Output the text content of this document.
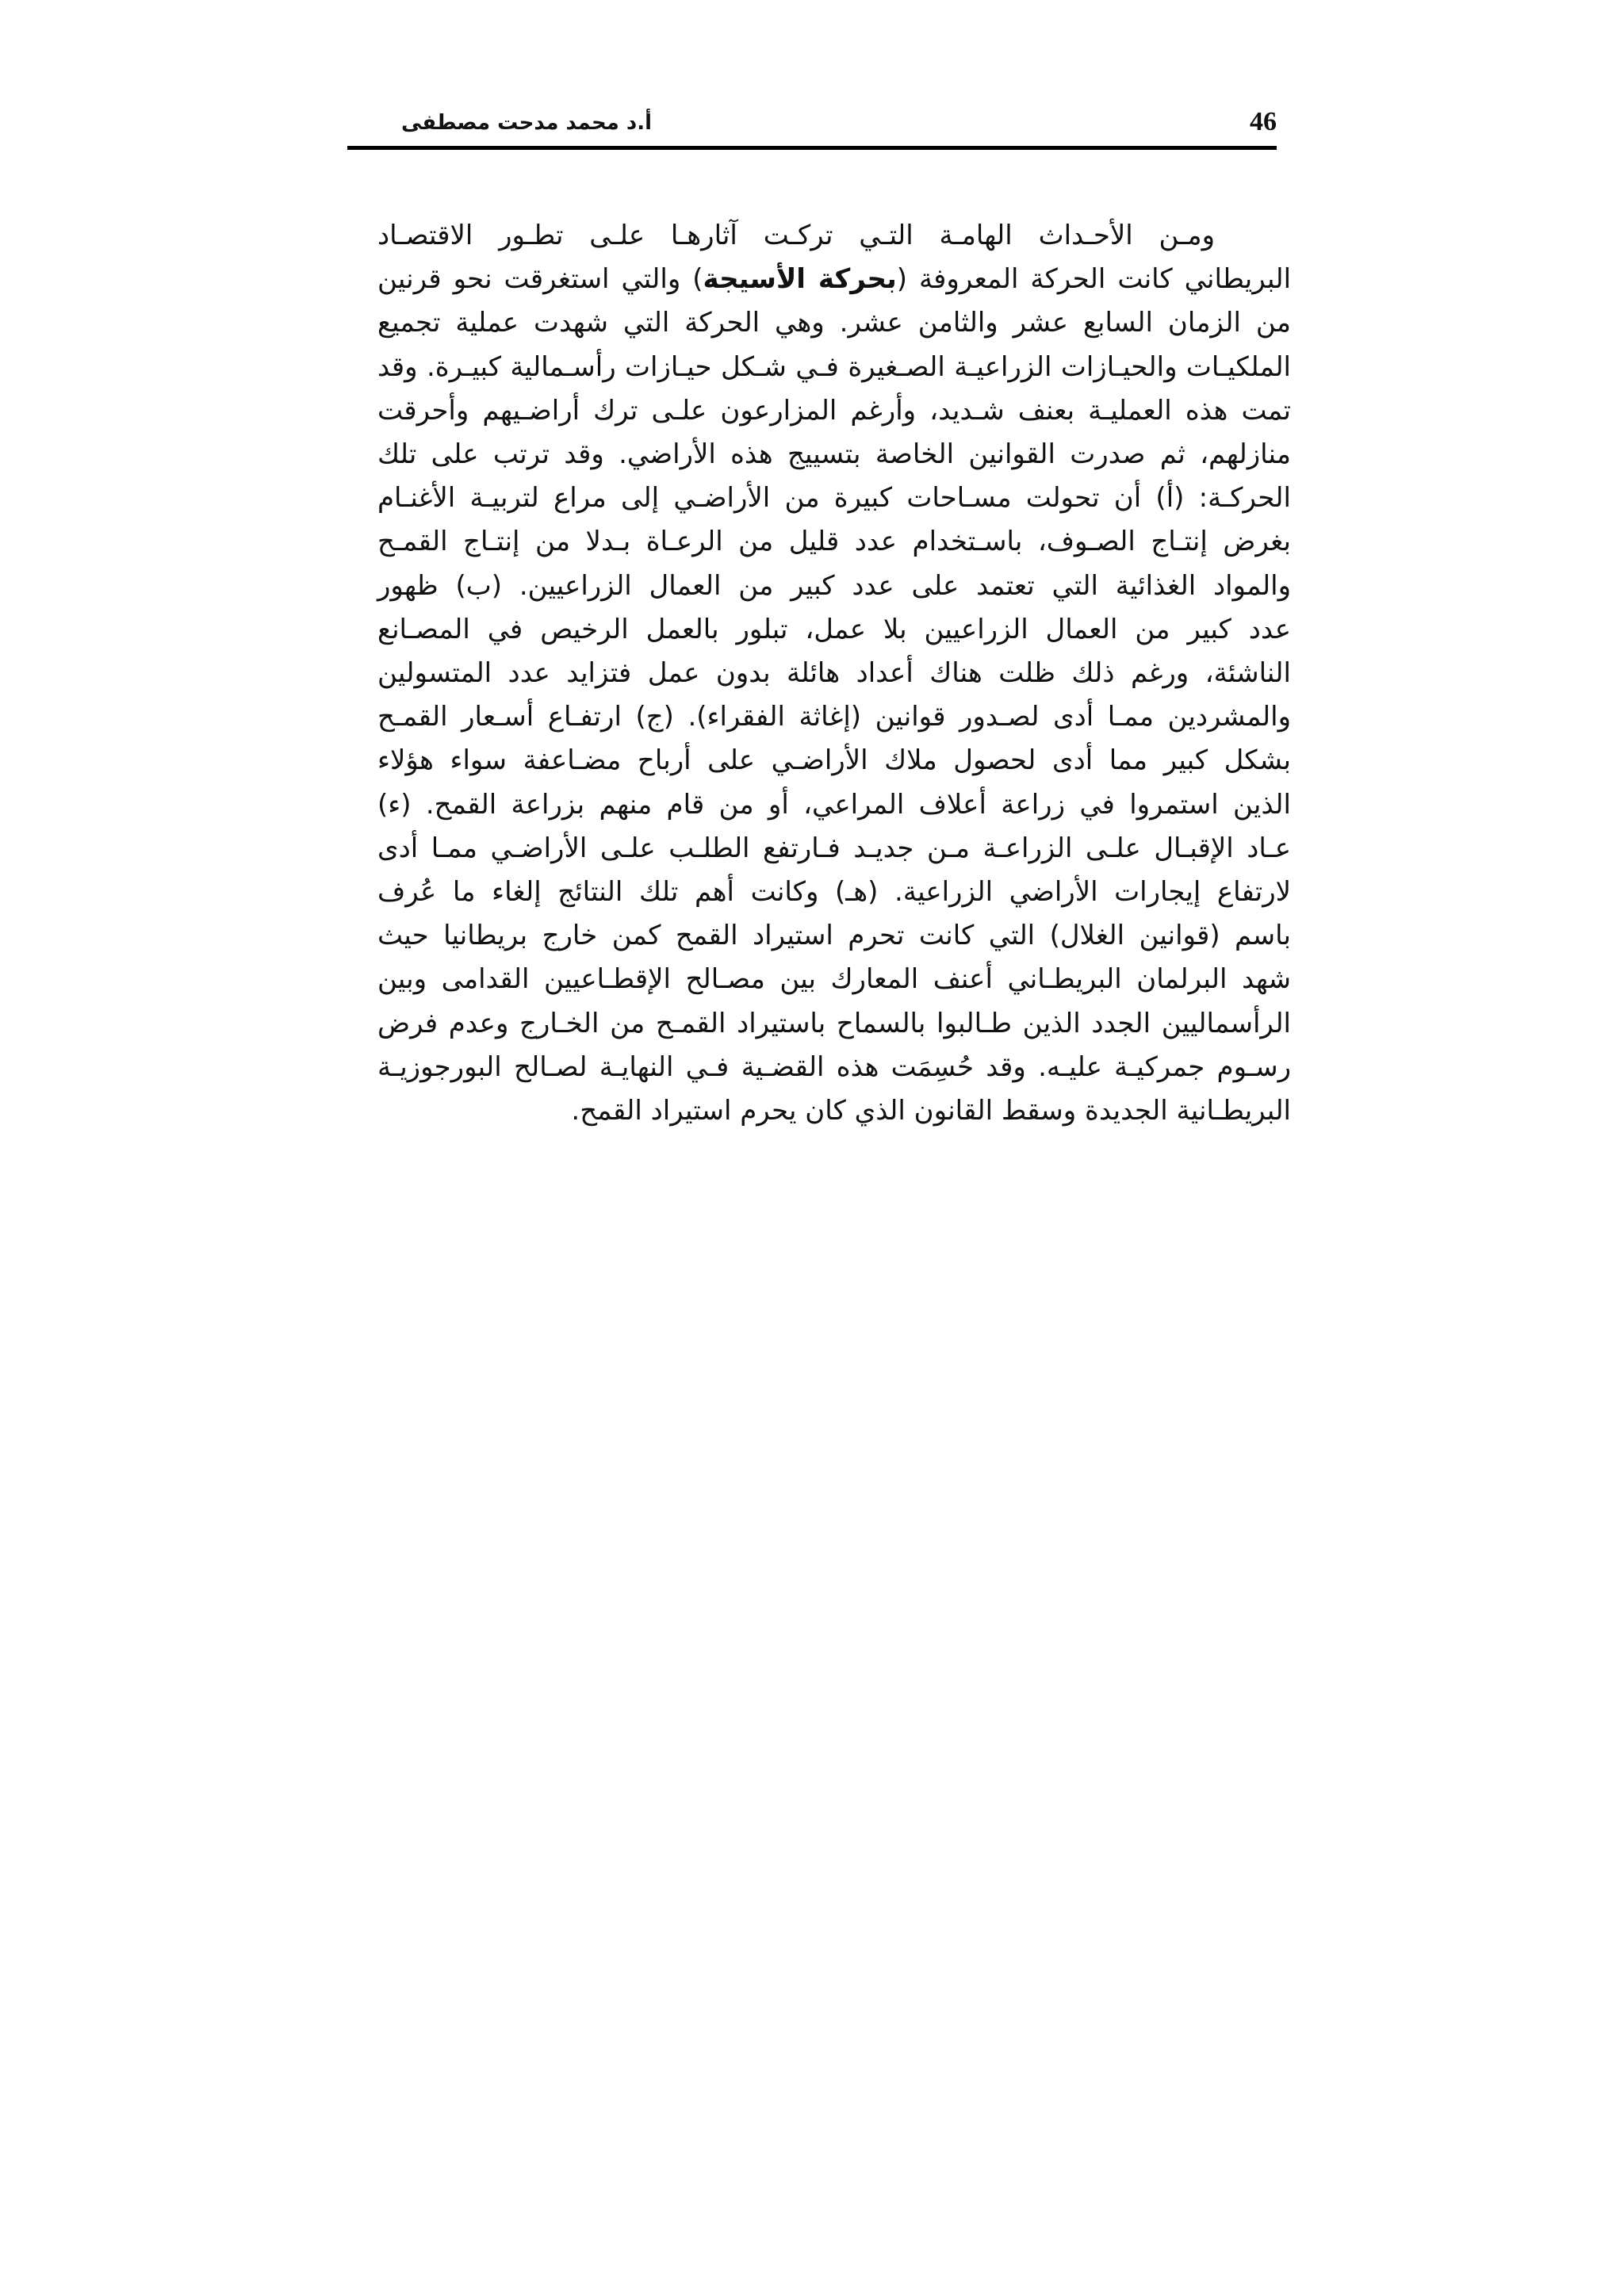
أ.د محمد مدحت مصطفى	46
ومـن الأحـداث الهامـة التـي تركـت آثارهـا علـى تطـور الاقتصـاد
البريطاني كانت الحركة المعروفة (بحركة الأسيجة) والتي استغرقت نحو قرنين
من الزمان السابع عشر والثامن عشر. وهي الحركة التي شهدت عملية تجميع
الملكيـات والحيـازات الزراعيـة الصـغيرة فـي شـكل حيـازات رأسـمالية كبيـرة. وقد
تمت هذه العمليـة بعنف شـديد، وأرغم المزارعون علـى ترك أراضـيهم وأحرقت
منازلهم، ثم صدرت القوانين الخاصة بتسييج هذه الأراضي. وقد ترتب على تلك
الحركـة: (أ) أن تحولت مسـاحات كبيرة من الأراضـي إلى مراع لتربيـة الأغنـام
بغرض إنتـاج الصـوف، باسـتخدام عدد قليل من الرعـاة بـدلا من إنتـاج القمـح
والمواد الغذائية التي تعتمد على عدد كبير من العمال الزراعيين. (ب) ظهور
عدد كبير من العمال الزراعيين بلا عمل، تبلور بالعمل الرخيص في المصـانع
الناشئة، ورغم ذلك ظلت هناك أعداد هائلة بدون عمل فتزايد عدد المتسولين
والمشردين ممـا أدى لصـدور قوانين (إغاثة الفقراء). (ج) ارتفـاع أسـعار القمـح
بشكل كبير مما أدى لحصول ملاك الأراضـي على أرباح مضـاعفة سواء هؤلاء
الذين استمروا في زراعة أعلاف المراعي، أو من قام منهم بزراعة القمح. (ء)
عـاد الإقبـال علـى الزراعـة مـن جديـد فـارتفع الطلـب علـى الأراضـي ممـا أدى
لارتفاع إيجارات الأراضي الزراعية. (هـ) وكانت أهم تلك النتائج إلغاء ما عُرف
باسم (قوانين الغلال) التي كانت تحرم استيراد القمح كمن خارج بريطانيا حيث
شهد البرلمان البريطـاني أعنف المعارك بين مصـالح الإقطـاعيين القدامى وبين
الرأسماليين الجدد الذين طـالبوا بالسماح باستيراد القمـح من الخـارج وعدم فرض
رسـوم جمركيـة عليـه. وقد حُسِمَت هذه القضـية فـي النهايـة لصـالح البورجوزيـة
البريطـانية الجديدة وسقط القانون الذي كان يحرم استيراد القمح.
